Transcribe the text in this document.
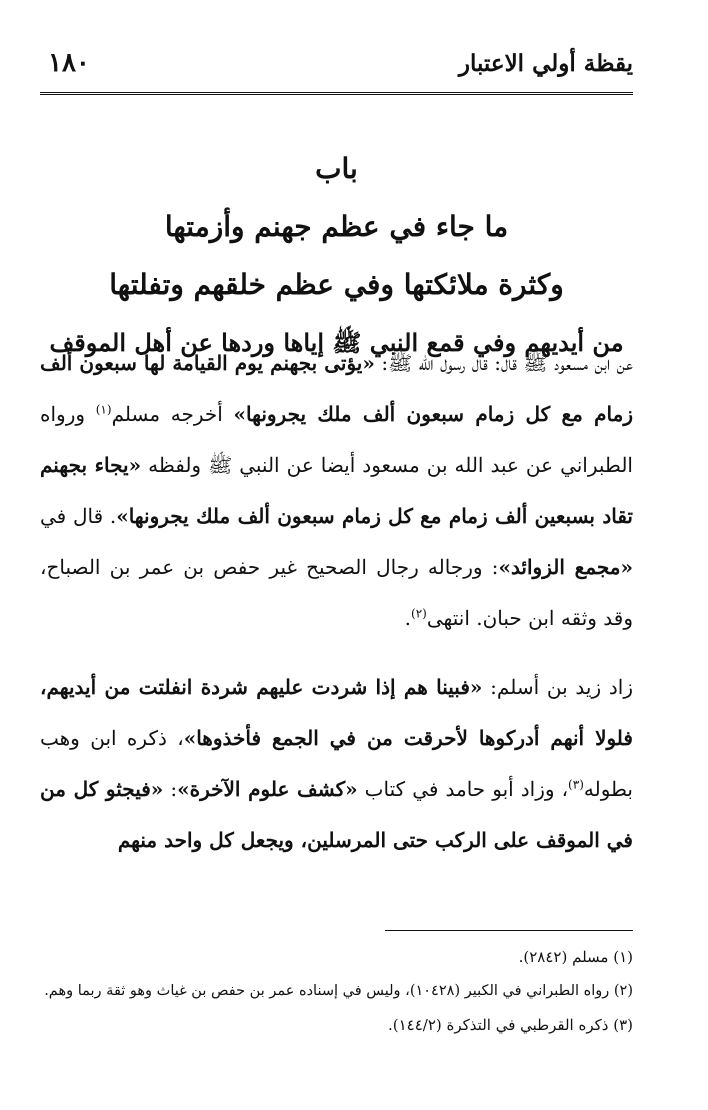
يقظة أولي الاعتبار
١٨٠
باب
ما جاء في عظم جهنم وأزمتها
وكثرة ملائكتها وفي عظم خلقهم وتفلتها
من أيديهم وفي قمع النبي ﷺ إياها وردها عن أهل الموقف

عن ابن مسعود ﷺ قال: قال رسول الله ﷺ: «يؤتى بجهنم يوم القيامة لها سبعون ألف زمام مع كل زمام سبعون ألف ملك يجرونها» أخرجه مسلم$^{(١)}$ ورواه الطبراني عن عبد الله بن مسعود أيضا عن النبي ﷺ ولفظه «يجاء بجهنم تقاد بسبعين ألف زمام مع كل زمام سبعون ألف ملك يجرونها». قال في «مجمع الزوائد»: ورجاله رجال الصحيح غير حفص بن عمر بن الصباح، وقد وثقه ابن حبان. انتهى$^{(٢)}$.

زاد زيد بن أسلم: «فبينا هم إذا شردت عليهم شردة انفلتت من أيديهم، فلولا أنهم أدركوها لأحرقت من في الجمع فأخذوها»، ذكره ابن وهب بطوله$^{(٣)}$، وزاد أبو حامد في كتاب «كشف علوم الآخرة»: «فيجثو كل من في الموقف على الركب حتى المرسلين، ويجعل كل واحد منهم

(١) مسلم (٢٨٤٢).
(٢) رواه الطبراني في الكبير (١٠٤٢٨)، وليس في إسناده عمر بن حفص بن غياث وهو ثقة ربما وهم.
(٣) ذكره القرطبي في التذكرة (١٤٤/٢).
